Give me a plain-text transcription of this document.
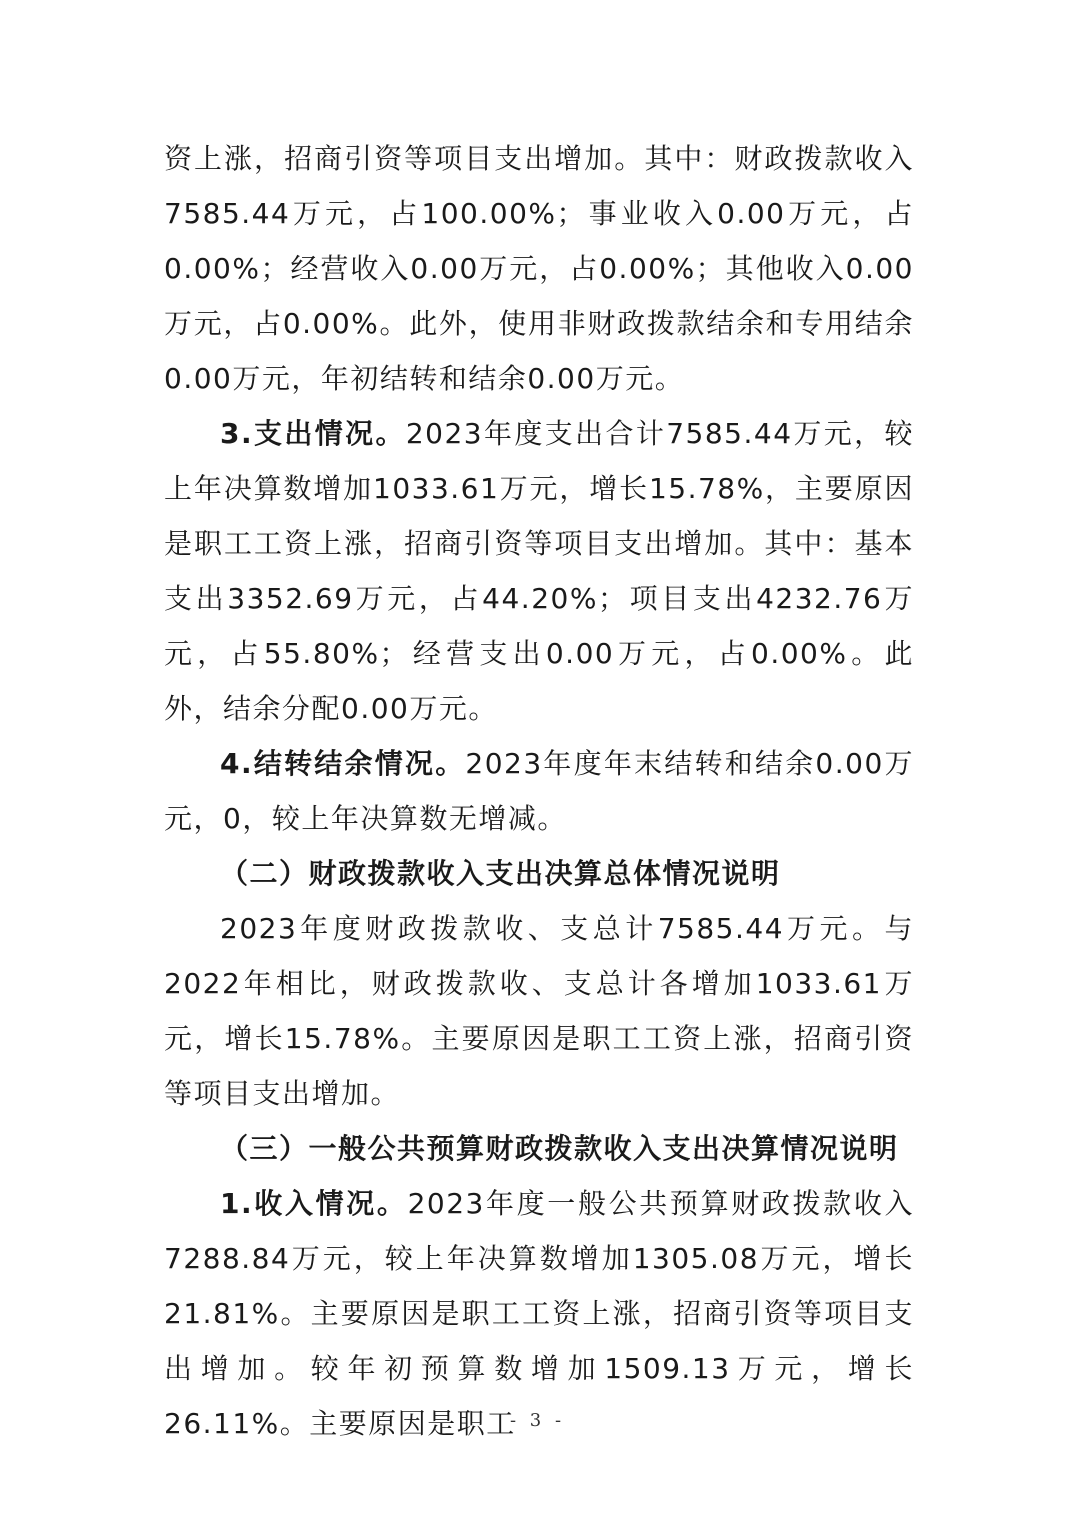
资上涨，招商引资等项目支出增加。其中：财政拨款收入7585.44万元，占100.00%；事业收入0.00万元，占0.00%；经营收入0.00万元，占0.00%；其他收入0.00万元，占0.00%。此外，使用非财政拨款结余和专用结余0.00万元，年初结转和结余0.00万元。

3.支出情况。2023年度支出合计7585.44万元，较上年决算数增加1033.61万元，增长15.78%，主要原因是职工工资上涨，招商引资等项目支出增加。其中：基本支出3352.69万元，占44.20%；项目支出4232.76万元，占55.80%；经营支出0.00万元，占0.00%。此外，结余分配0.00万元。

4.结转结余情况。2023年度年末结转和结余0.00万元，0，较上年决算数无增减。

（二）财政拨款收入支出决算总体情况说明

2023年度财政拨款收、支总计7585.44万元。与2022年相比，财政拨款收、支总计各增加1033.61万元，增长15.78%。主要原因是职工工资上涨，招商引资等项目支出增加。

（三）一般公共预算财政拨款收入支出决算情况说明

1.收入情况。2023年度一般公共预算财政拨款收入7288.84万元，较上年决算数增加1305.08万元，增长21.81%。主要原因是职工工资上涨，招商引资等项目支出增加。较年初预算数增加1509.13万元，增长26.11%。主要原因是职工

- 3 -
